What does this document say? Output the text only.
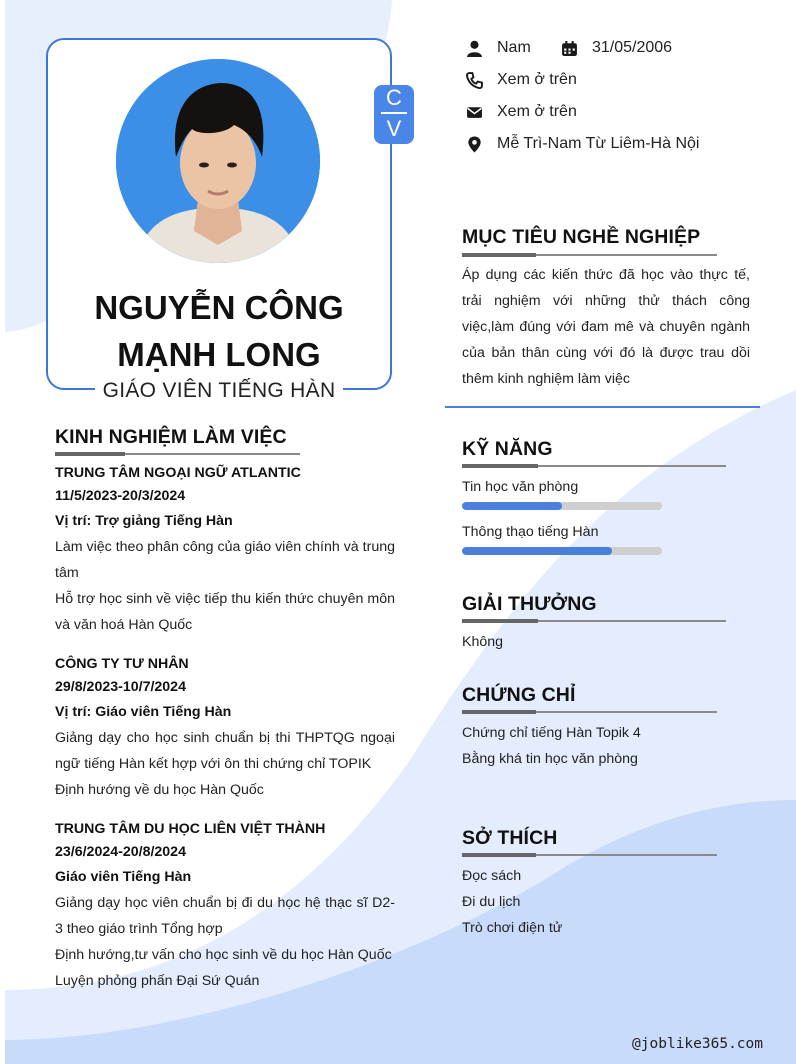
NGUYỄN CÔNG
MẠNH LONG
GIÁO VIÊN TIẾNG HÀN
C
V
Nam	31/05/2006
Xem ở trên
Xem ở trên
Mễ Trì-Nam Từ Liêm-Hà Nội
MỤC TIÊU NGHỀ NGHIỆP
Áp dụng các kiến thức đã học vào thực tế, trải nghiệm với những thử thách công việc,làm đúng với đam mê và chuyên ngành của bản thân cùng với đó là được trau dồi thêm kinh nghiệm làm việc
KỸ NĂNG
Tin học văn phòng
Thông thạo tiếng Hàn
GIẢI THƯỞNG
Không
CHỨNG CHỈ
Chứng chỉ tiếng Hàn Topik 4
Bằng khá tin học văn phòng
SỞ THÍCH
Đọc sách
Đi du lịch
Trò chơi điện tử
KINH NGHIỆM LÀM VIỆC
TRUNG TÂM NGOẠI NGỮ ATLANTIC
11/5/2023-20/3/2024
Vị trí: Trợ giảng Tiếng Hàn
Làm việc theo phân công của giáo viên chính và trung tâm
Hỗ trợ học sinh về việc tiếp thu kiến thức chuyên môn và văn hoá Hàn Quốc
CÔNG TY TƯ NHÂN
29/8/2023-10/7/2024
Vị trí: Giáo viên Tiếng Hàn
Giảng dạy cho học sinh chuẩn bị thi THPTQG ngoại ngữ tiếng Hàn kết hợp với ôn thi chứng chỉ TOPIK
Định hướng về du học Hàn Quốc
TRUNG TÂM DU HỌC LIÊN VIỆT THÀNH
23/6/2024-20/8/2024
Giáo viên Tiếng Hàn
Giảng dạy học viên chuẩn bị đi du học hệ thạc sĩ D2-3 theo giáo trình Tổng hợp
Định hướng,tư vấn cho học sinh về du học Hàn Quốc
Luyện phỏng phấn Đại Sứ Quán
@joblike365.com
